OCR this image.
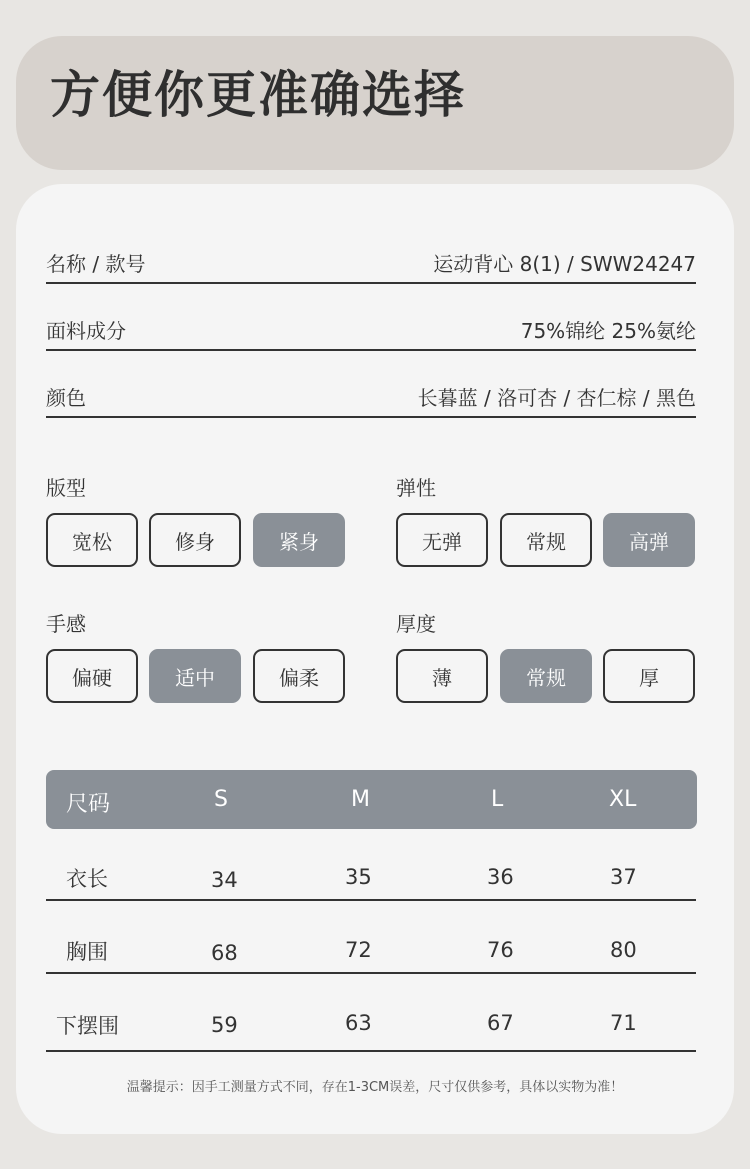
方便你更准确选择
名称 / 款号	运动背心 8(1) / SWW24247
面料成分	75%锦纶 25%氨纶
颜色	长暮蓝 / 洛可杏 / 杏仁棕 / 黑色
版型
宽松	修身	紧身
弹性
无弹	常规	高弹
手感
偏硬	适中	偏柔
厚度
薄	常规	厚
尺码	S	M	L	XL
衣长	34	35	36	37
胸围	68	72	76	80
下摆围	59	63	67	71
温馨提示：因手工测量方式不同，存在1-3CM误差，尺寸仅供参考，具体以实物为准！
